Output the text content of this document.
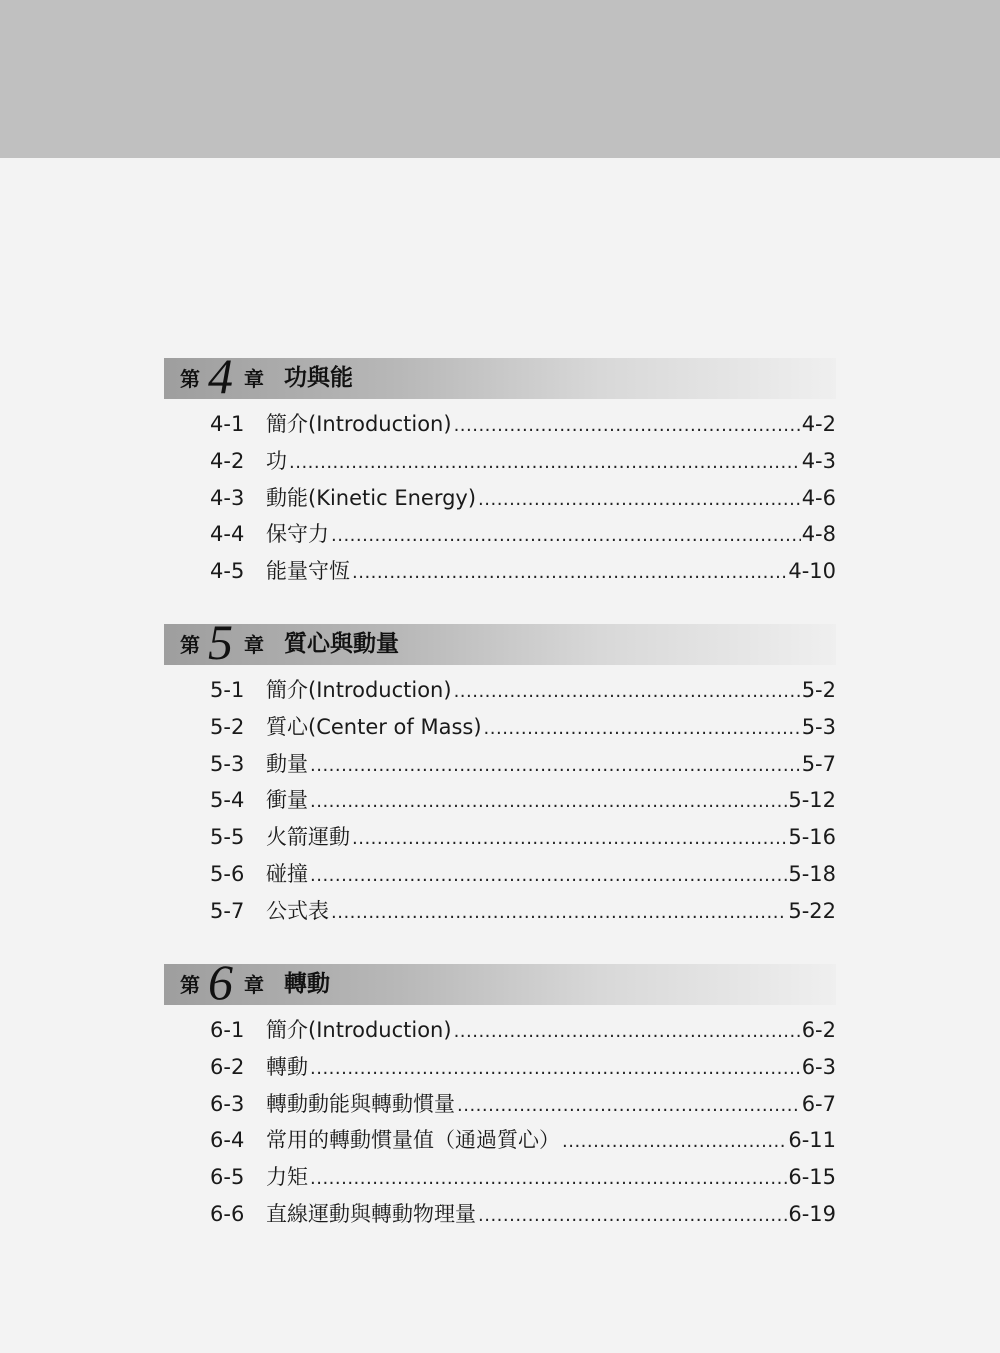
第 4 章 功與能
4-1	簡介(Introduction) .....	4-2
4-2	功 .....	4-3
4-3	動能(Kinetic Energy) .....	4-6
4-4	保守力 .....	4-8
4-5	能量守恆 .....	4-10
第 5 章 質心與動量
5-1	簡介(Introduction) .....	5-2
5-2	質心(Center of Mass) .....	5-3
5-3	動量 .....	5-7
5-4	衝量 .....	5-12
5-5	火箭運動 .....	5-16
5-6	碰撞 .....	5-18
5-7	公式表 .....	5-22
第 6 章 轉動
6-1	簡介(Introduction) .....	6-2
6-2	轉動 .....	6-3
6-3	轉動動能與轉動慣量 .....	6-7
6-4	常用的轉動慣量值（通過質心） .....	6-11
6-5	力矩 .....	6-15
6-6	直線運動與轉動物理量 .....	6-19
